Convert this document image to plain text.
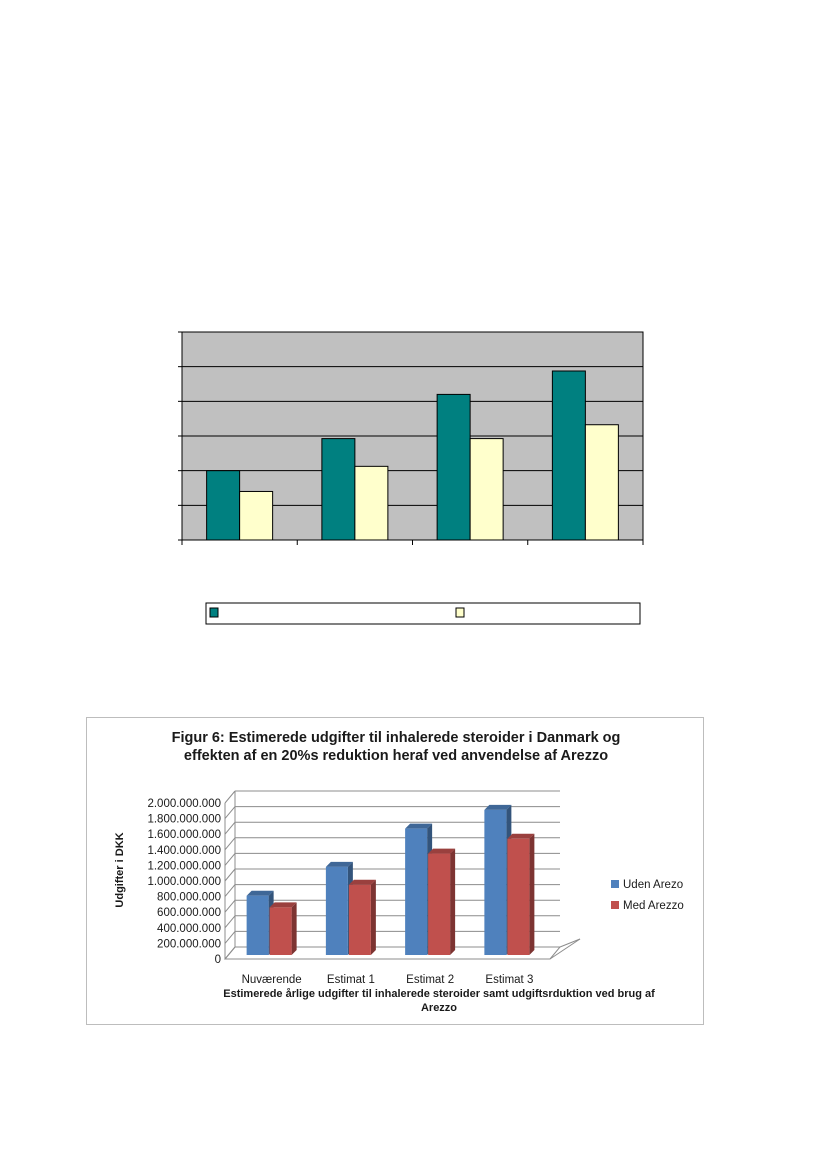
Figur 6: Estimerede udgifter til inhalerede steroider i Danmark og
effekten af en 20%s reduktion heraf ved anvendelse af Arezzo
0
200.000.000
400.000.000
600.000.000
800.000.000
1.000.000.000
1.200.000.000
1.400.000.000
1.600.000.000
1.800.000.000
2.000.000.000
Nuværende Estimat 1	Estimat 2	Estimat 3
Udgifter i DKK
Estimerede årlige udgifter til inhalerede steroider samt udgiftsrduktion ved brug af
Arezzo
Uden Arezo
Med Arezzo
